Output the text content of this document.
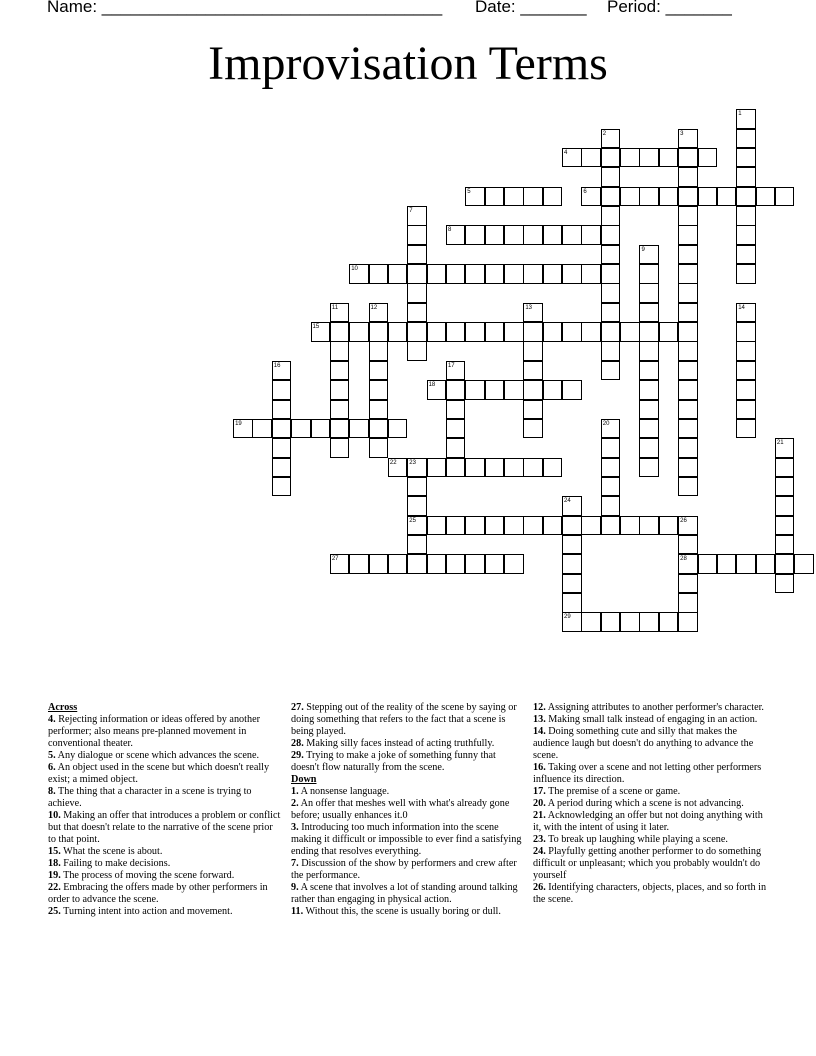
Name: ____________________________________ Date: _______ Period: _______
Improvisation Terms
1
2	3
4
5	6
7
8
9
10
11	12	13	14
15
16	17
18
19	20
21
22 23
24
25	26
27	28
29
Across
4. Rejecting information or ideas offered by another performer; also means pre-planned movement in conventional theater.
5. Any dialogue or scene which advances the scene.
6. An object used in the scene but which doesn't really exist; a mimed object.
8. The thing that a character in a scene is trying to achieve.
10. Making an offer that introduces a problem or conflict but that doesn't relate to the narrative of the scene prior to that point.
15. What the scene is about.
18. Failing to make decisions.
19. The process of moving the scene forward.
22. Embracing the offers made by other performers in order to advance the scene.
25. Turning intent into action and movement.
27. Stepping out of the reality of the scene by saying or doing something that refers to the fact that a scene is being played.
28. Making silly faces instead of acting truthfully.
29. Trying to make a joke of something funny that doesn't flow naturally from the scene.
Down
1. A nonsense language.
2. An offer that meshes well with what's already gone before; usually enhances it.0
3. Introducing too much information into the scene making it difficult or impossible to ever find a satisfying ending that resolves everything.
7. Discussion of the show by performers and crew after the performance.
9. A scene that involves a lot of standing around talking rather than engaging in physical action.
11. Without this, the scene is usually boring or dull.
12. Assigning attributes to another performer's character.
13. Making small talk instead of engaging in an action.
14. Doing something cute and silly that makes the audience laugh but doesn't do anything to advance the scene.
16. Taking over a scene and not letting other performers influence its direction.
17. The premise of a scene or game.
20. A period during which a scene is not advancing.
21. Acknowledging an offer but not doing anything with it, with the intent of using it later.
23. To break up laughing while playing a scene.
24. Playfully getting another performer to do something difficult or unpleasant; which you probably wouldn't do yourself
26. Identifying characters, objects, places, and so forth in the scene.
